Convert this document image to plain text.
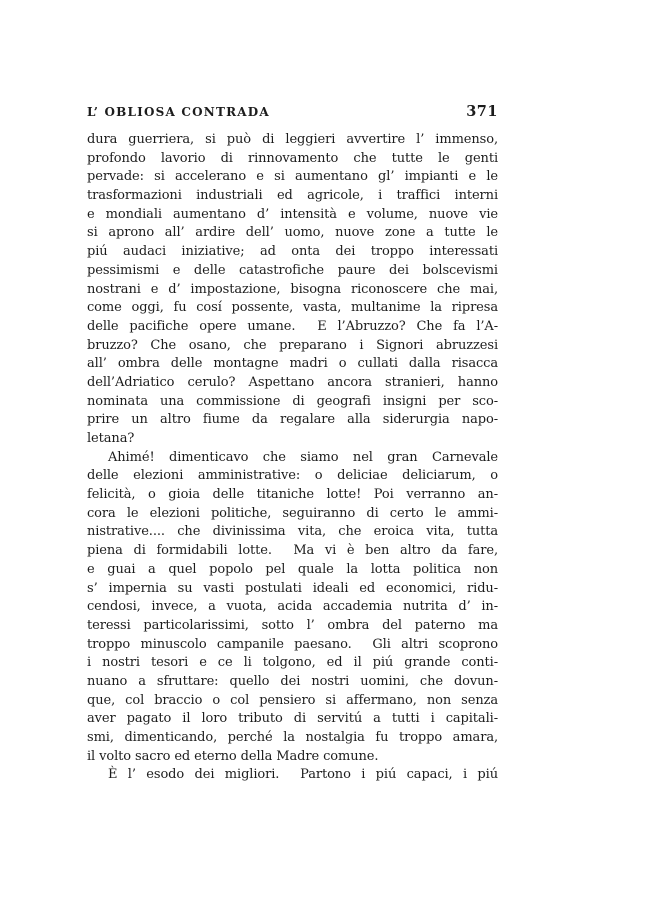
L’ OBLIOSA CONTRADA	371
dura guerriera, si può di leggieri avvertire l’ immenso,
profondo lavorio di rinnovamento che tutte le genti
pervade: si accelerano e si aumentano gl’ impianti e le
trasformazioni industriali ed agricole, i traffici interni
e mondiali aumentano d’ intensità e volume, nuove vie
si aprono all’ ardire dell’ uomo, nuove zone a tutte le
piú audaci iniziative; ad onta dei troppo interessati
pessimismi e delle catastrofiche paure dei bolscevismi
nostrani e d’ impostazione, bisogna riconoscere che mai,
come oggi, fu cosí possente, vasta, multanime la ripresa
delle pacifiche opere umane.  E l’Abruzzo? Che fa l’A-
bruzzo? Che osano, che preparano i Signori abruzzesi
all’ ombra delle montagne madri o cullati dalla risacca
dell’Adriatico cerulo? Aspettano ancora stranieri, hanno
nominata una commissione di geografi insigni per sco-
prire un altro fiume da regalare alla siderurgia napo-
letana?
Ahimé! dimenticavo che siamo nel gran Carnevale
delle elezioni amministrative: o deliciae deliciarum, o
felicità, o gioia delle titaniche lotte! Poi verranno an-
cora le elezioni politiche, seguiranno di certo le ammi-
nistrative.... che divinissima vita, che eroica vita, tutta
piena di formidabili lotte.  Ma vi è ben altro da fare,
e guai a quel popolo pel quale la lotta politica non
s’ impernia su vasti postulati ideali ed economici, ridu-
cendosi, invece, a vuota, acida accademia nutrita d’ in-
teressi particolarissimi, sotto l’ ombra del paterno ma
troppo minuscolo campanile paesano.  Gli altri scoprono
i nostri tesori e ce li tolgono, ed il piú grande conti-
nuano a sfruttare: quello dei nostri uomini, che dovun-
que, col braccio o col pensiero si affermano, non senza
aver pagato il loro tributo di servitú a tutti i capitali-
smi, dimenticando, perché la nostalgia fu troppo amara,
il volto sacro ed eterno della Madre comune.
È l’ esodo dei migliori.  Partono i piú capaci, i piú
